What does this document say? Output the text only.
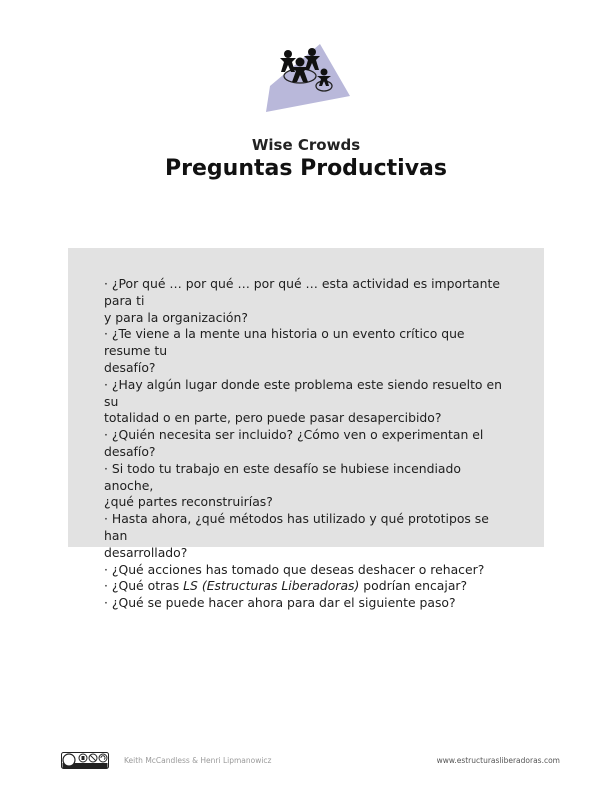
Wise Crowds
Preguntas Productivas
· ¿Por qué … por qué … por qué … esta actividad es importante para ti
y para la organización?
· ¿Te viene a la mente una historia o un evento crítico que resume tu
desafío?
· ¿Hay algún lugar donde este problema este siendo resuelto en su
totalidad o en parte, pero puede pasar desapercibido?
· ¿Quién necesita ser incluido? ¿Cómo ven o experimentan el desafío?
· Si todo tu trabajo en este desafío se hubiese incendiado anoche,
¿qué partes reconstruirías?
· Hasta ahora, ¿qué métodos has utilizado y qué prototipos se han
desarrollado?
· ¿Qué acciones has tomado que deseas deshacer o rehacer?
· ¿Qué otras LS (Estructuras Liberadoras) podrían encajar?
· ¿Qué se puede hacer ahora para dar el siguiente paso?
Keith McCandless & Henri Lipmanowicz	www.estructurasliberadoras.com
